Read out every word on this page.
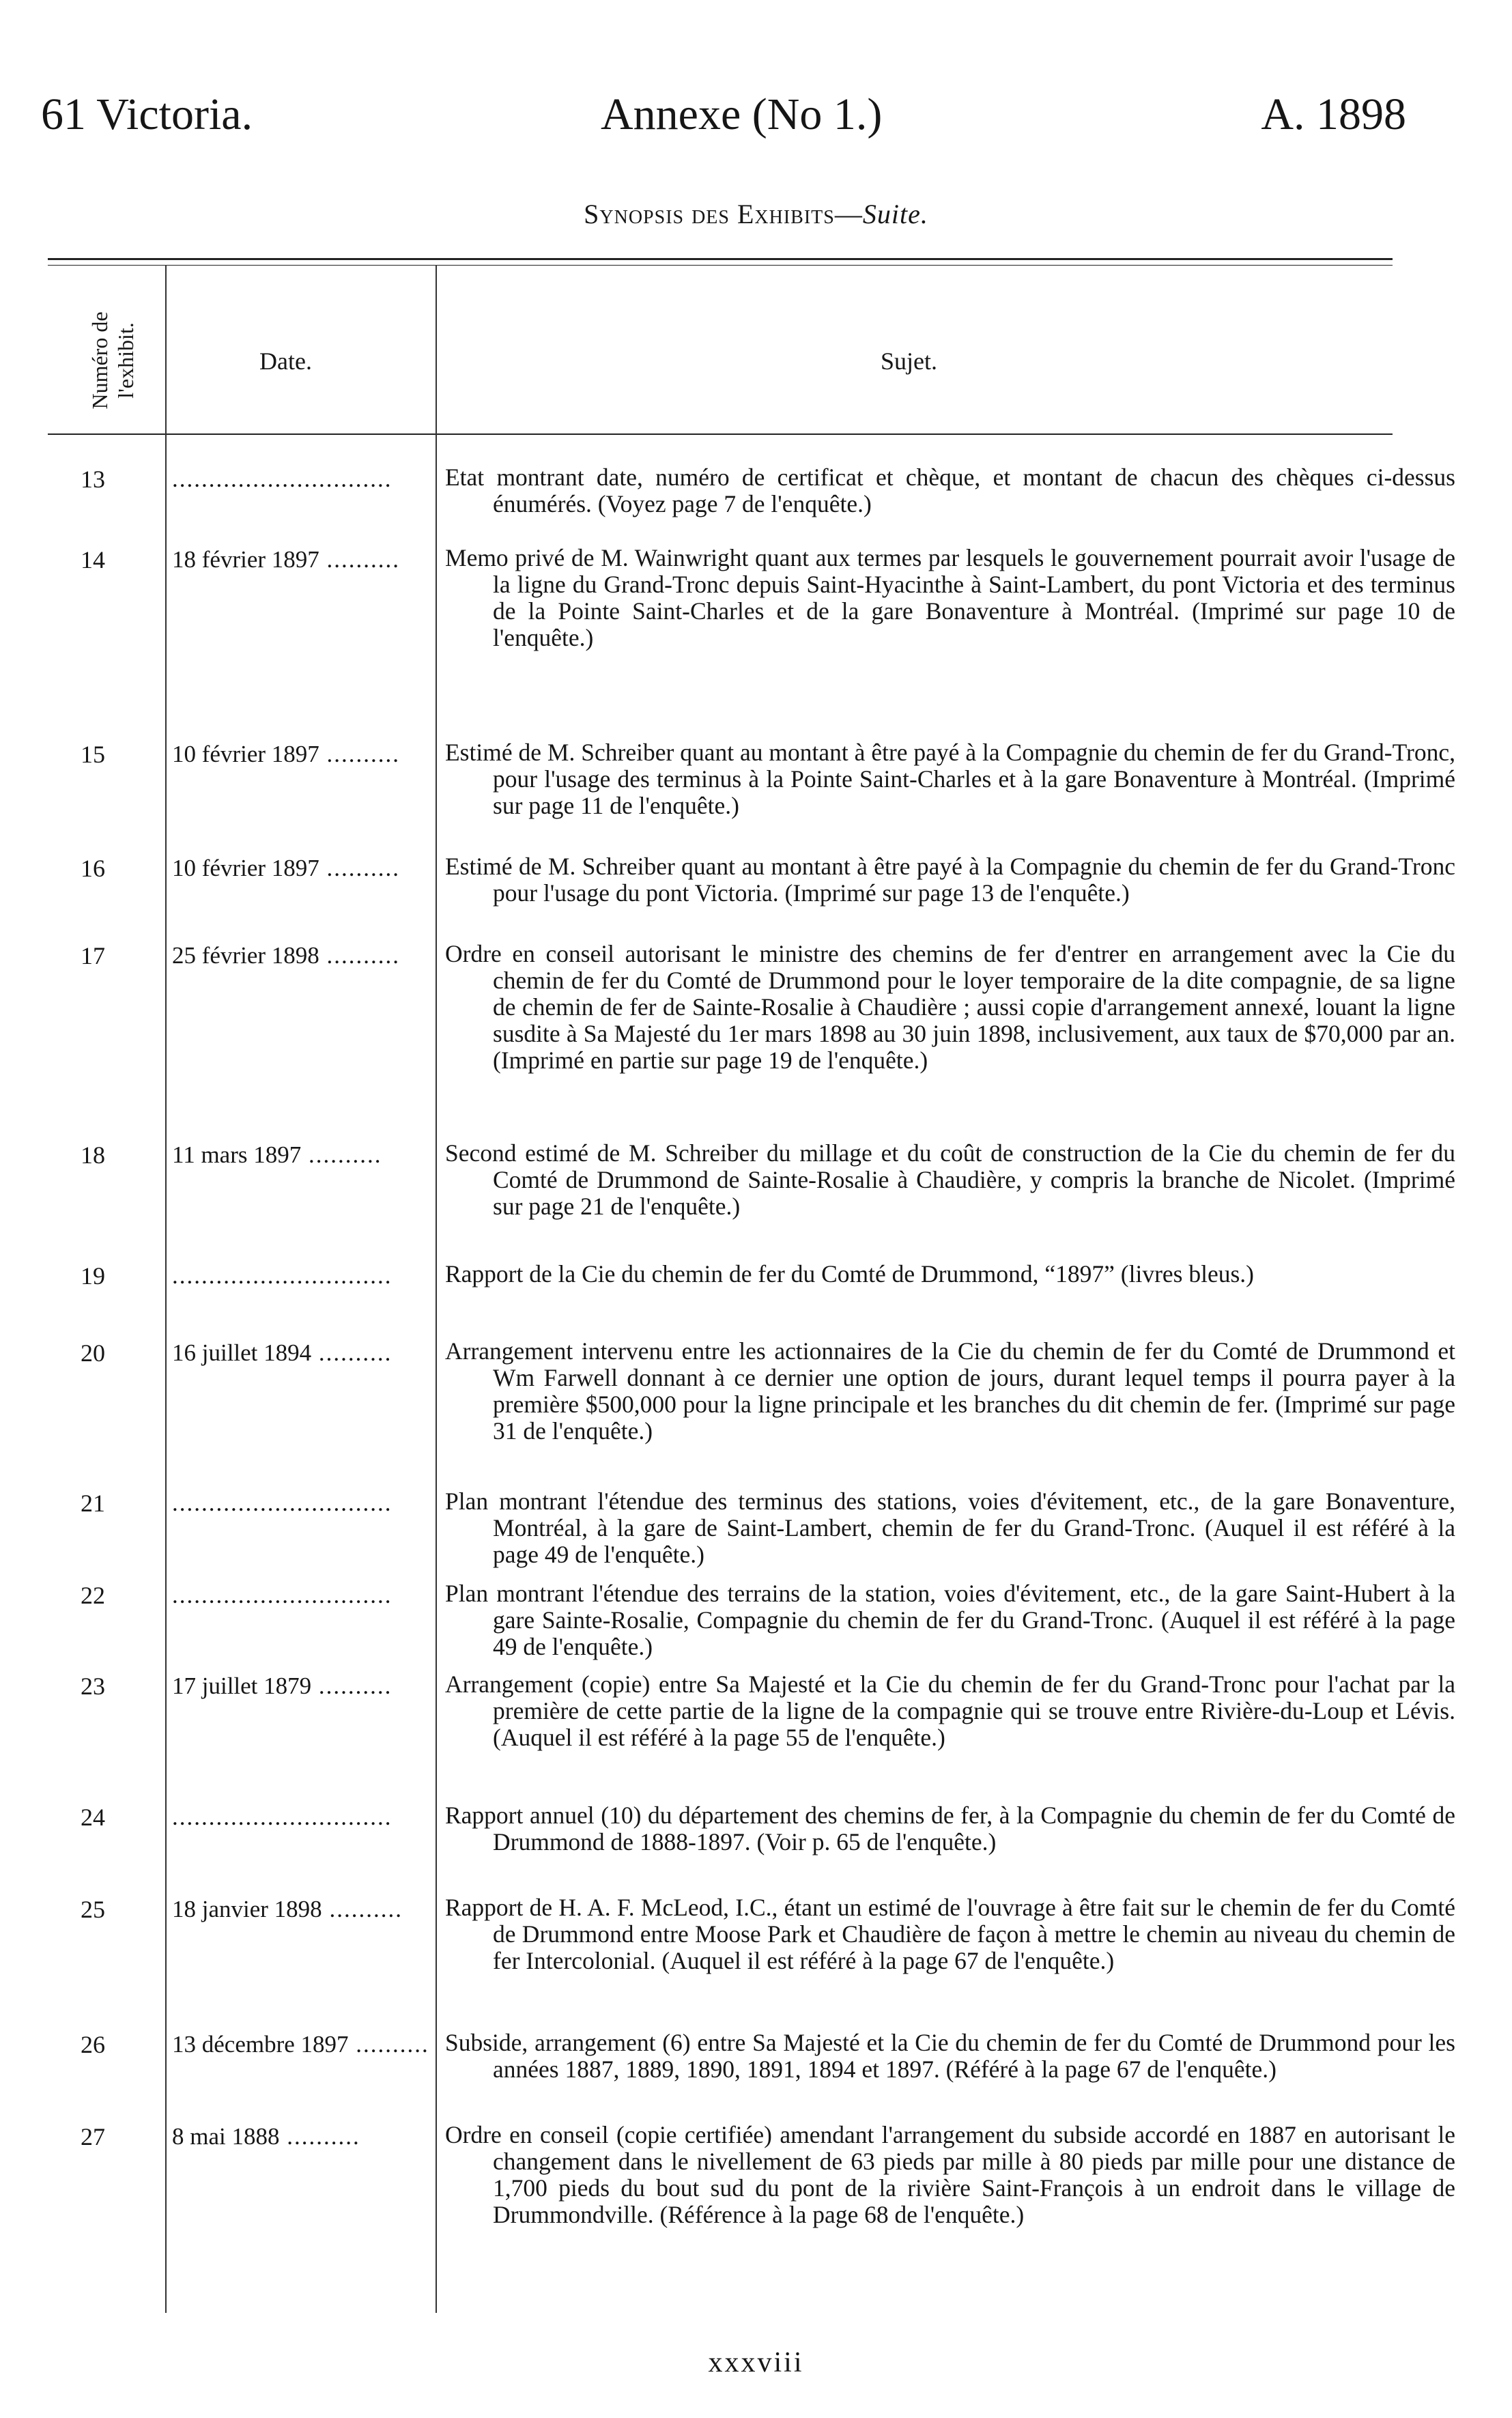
61 Victoria.	Annexe (No 1.)	A. 1898
Synopsis des Exhibits—Suite.
Numéro de l'exhibit.	Date.	Sujet.
13	..............................	Etat montrant date, numéro de certificat et chèque, et montant de chacun des chèques ci-dessus énumérés. (Voyez page 7 de l'enquête.)
14	18 février 1897 ..........	Memo privé de M. Wainwright quant aux termes par lesquels le gouvernement pourrait avoir l'usage de la ligne du Grand-Tronc depuis Saint-Hyacinthe à Saint-Lambert, du pont Victoria et des terminus de la Pointe Saint-Charles et de la gare Bonaventure à Montréal. (Imprimé sur page 10 de l'enquête.)
15	10 février 1897 ..........	Estimé de M. Schreiber quant au montant à être payé à la Compagnie du chemin de fer du Grand-Tronc, pour l'usage des terminus à la Pointe Saint-Charles et à la gare Bonaventure à Montréal. (Imprimé sur page 11 de l'enquête.)
16	10 février 1897 ..........	Estimé de M. Schreiber quant au montant à être payé à la Compagnie du chemin de fer du Grand-Tronc pour l'usage du pont Victoria. (Imprimé sur page 13 de l'enquête.)
17	25 février 1898 ..........	Ordre en conseil autorisant le ministre des chemins de fer d'entrer en arrangement avec la Cie du chemin de fer du Comté de Drummond pour le loyer temporaire de la dite compagnie, de sa ligne de chemin de fer de Sainte-Rosalie à Chaudière ; aussi copie d'arrangement annexé, louant la ligne susdite à Sa Majesté du 1er mars 1898 au 30 juin 1898, inclusivement, aux taux de $70,000 par an. (Imprimé en partie sur page 19 de l'enquête.)
18	11 mars 1897 ..........	Second estimé de M. Schreiber du millage et du coût de construction de la Cie du chemin de fer du Comté de Drummond de Sainte-Rosalie à Chaudière, y compris la branche de Nicolet. (Imprimé sur page 21 de l'enquête.)
19	..............................	Rapport de la Cie du chemin de fer du Comté de Drummond, “1897” (livres bleus.)
20	16 juillet 1894 ..........	Arrangement intervenu entre les actionnaires de la Cie du chemin de fer du Comté de Drummond et Wm Farwell donnant à ce dernier une option de jours, durant lequel temps il pourra payer à la première $500,000 pour la ligne principale et les branches du dit chemin de fer. (Imprimé sur page 31 de l'enquête.)
21	..............................	Plan montrant l'étendue des terminus des stations, voies d'évitement, etc., de la gare Bonaventure, Montréal, à la gare de Saint-Lambert, chemin de fer du Grand-Tronc. (Auquel il est référé à la page 49 de l'enquête.)
22	..............................	Plan montrant l'étendue des terrains de la station, voies d'évitement, etc., de la gare Saint-Hubert à la gare Sainte-Rosalie, Compagnie du chemin de fer du Grand-Tronc. (Auquel il est référé à la page 49 de l'enquête.)
23	17 juillet 1879 ..........	Arrangement (copie) entre Sa Majesté et la Cie du chemin de fer du Grand-Tronc pour l'achat par la première de cette partie de la ligne de la compagnie qui se trouve entre Rivière-du-Loup et Lévis. (Auquel il est référé à la page 55 de l'enquête.)
24	..............................	Rapport annuel (10) du département des chemins de fer, à la Compagnie du chemin de fer du Comté de Drummond de 1888-1897. (Voir p. 65 de l'enquête.)
25	18 janvier 1898 ..........	Rapport de H. A. F. McLeod, I.C., étant un estimé de l'ouvrage à être fait sur le chemin de fer du Comté de Drummond entre Moose Park et Chaudière de façon à mettre le chemin au niveau du chemin de fer Intercolonial. (Auquel il est référé à la page 67 de l'enquête.)
26	13 décembre 1897 .......... Subside, arrangement (6) entre Sa Majesté et la Cie du chemin de fer du Comté de Drummond pour les années 1887, 1889, 1890, 1891, 1894 et 1897. (Référé à la page 67 de l'enquête.)
27	8 mai 1888 ..........	Ordre en conseil (copie certifiée) amendant l'arrangement du subside accordé en 1887 en autorisant le changement dans le nivellement de 63 pieds par mille à 80 pieds par mille pour une distance de 1,700 pieds du bout sud du pont de la rivière Saint-François à un endroit dans le village de Drummondville. (Référence à la page 68 de l'enquête.)
xxxviii
